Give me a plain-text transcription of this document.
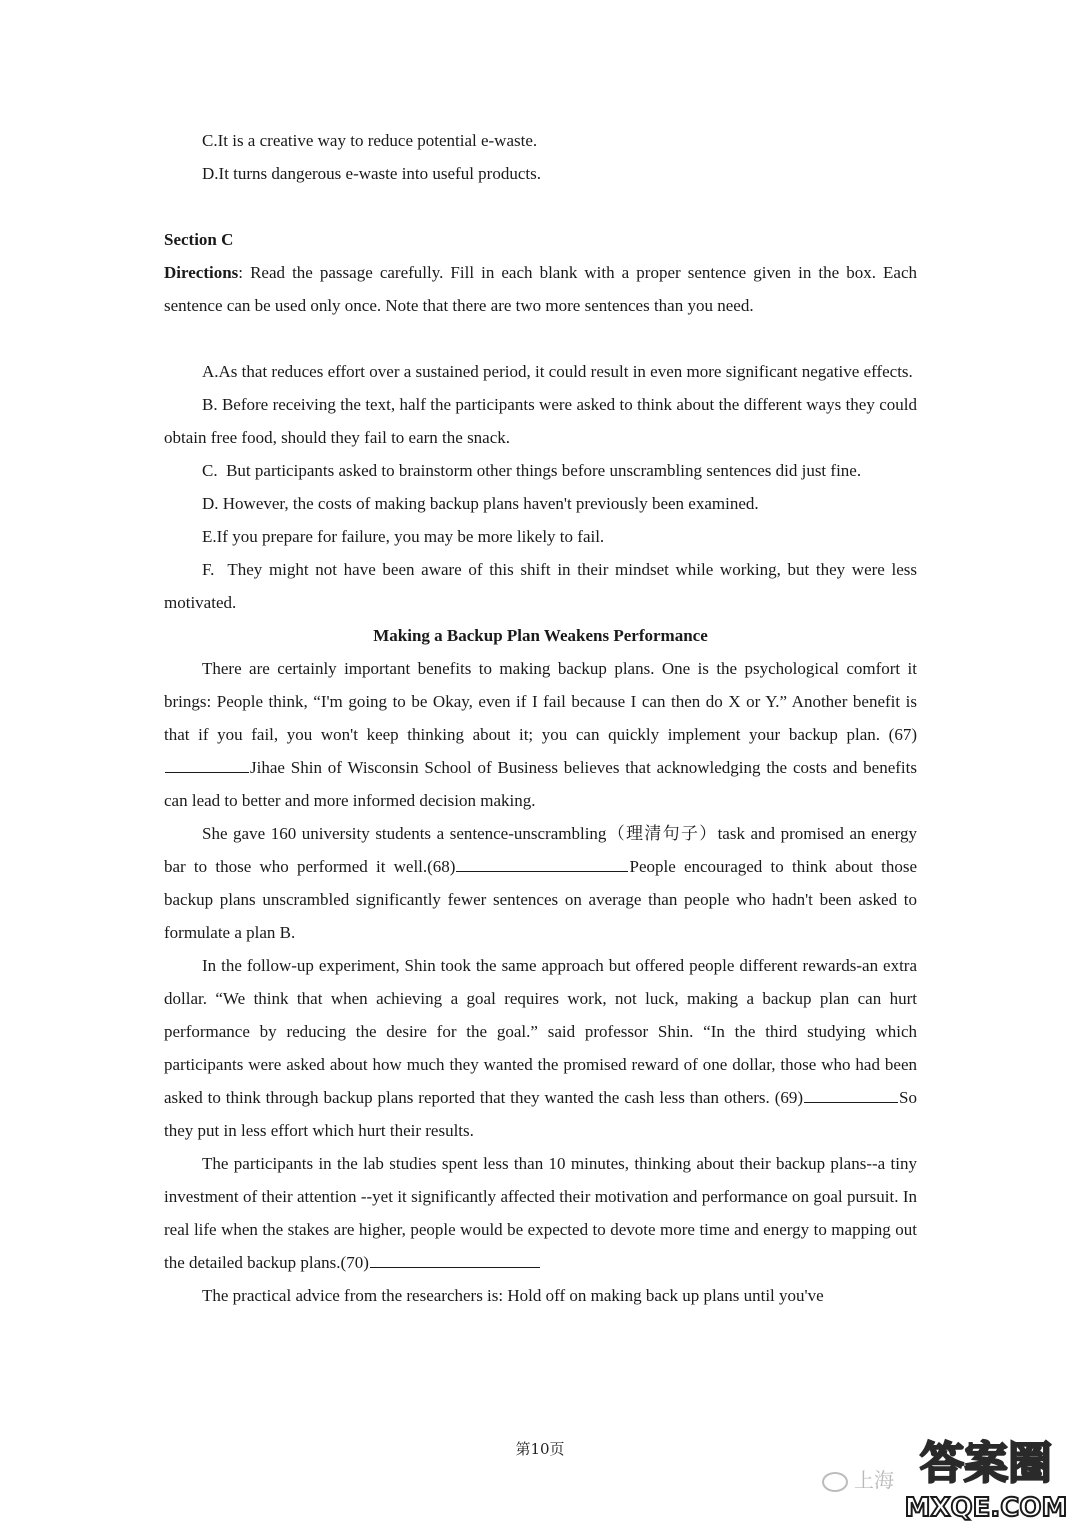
C.It is a creative way to reduce potential e-waste.

D.It turns dangerous e-waste into useful products.

Section C

Directions: Read the passage carefully. Fill in each blank with a proper sentence given in the box. Each sentence can be used only once. Note that there are two more sentences than you need.

A.As that reduces effort over a sustained period, it could result in even more significant negative effects.

B. Before receiving the text, half the participants were asked to think about the different ways they could obtain free food, should they fail to earn the snack.

C.  But participants asked to brainstorm other things before unscrambling sentences did just fine.

D. However, the costs of making backup plans haven't previously been examined.

E.If you prepare for failure, you may be more likely to fail.

F.  They might not have been aware of this shift in their mindset while working, but they were less motivated.

Making a Backup Plan Weakens Performance

There are certainly important benefits to making backup plans. One is the psychological comfort it brings: People think, “I'm going to be Okay, even if I fail because I can then do X or Y.” Another benefit is that if you fail, you won't keep thinking about it; you can quickly implement your backup plan. (67) Jihae Shin of Wisconsin School of Business believes that acknowledging the costs and benefits can lead to better and more informed decision making.

She gave 160 university students a sentence-unscrambling（理清句子）task and promised an energy bar to those who performed it well.(68)	People encouraged to think about those backup plans unscrambled significantly fewer sentences on average than people who hadn't been asked to formulate a plan B.

In the follow-up experiment, Shin took the same approach but offered people different rewards-an extra dollar. “We think that when achieving a goal requires work, not luck, making a backup plan can hurt performance by reducing the desire for the goal.” said professor Shin. “In the third studying which participants were asked about how much they wanted the promised reward of one dollar, those who had been asked to think through backup plans reported that they wanted the cash less than others. (69)	So they put in less effort which hurt their results.

The participants in the lab studies spent less than 10 minutes, thinking about their backup plans--a tiny investment of their attention --yet it significantly affected their motivation and performance on goal pursuit. In real life when the stakes are higher, people would be expected to devote more time and energy to mapping out the detailed backup plans.(70)

The practical advice from the researchers is: Hold off on making back up plans until you've

第10页
上海 答案圈
MXQE.COM
